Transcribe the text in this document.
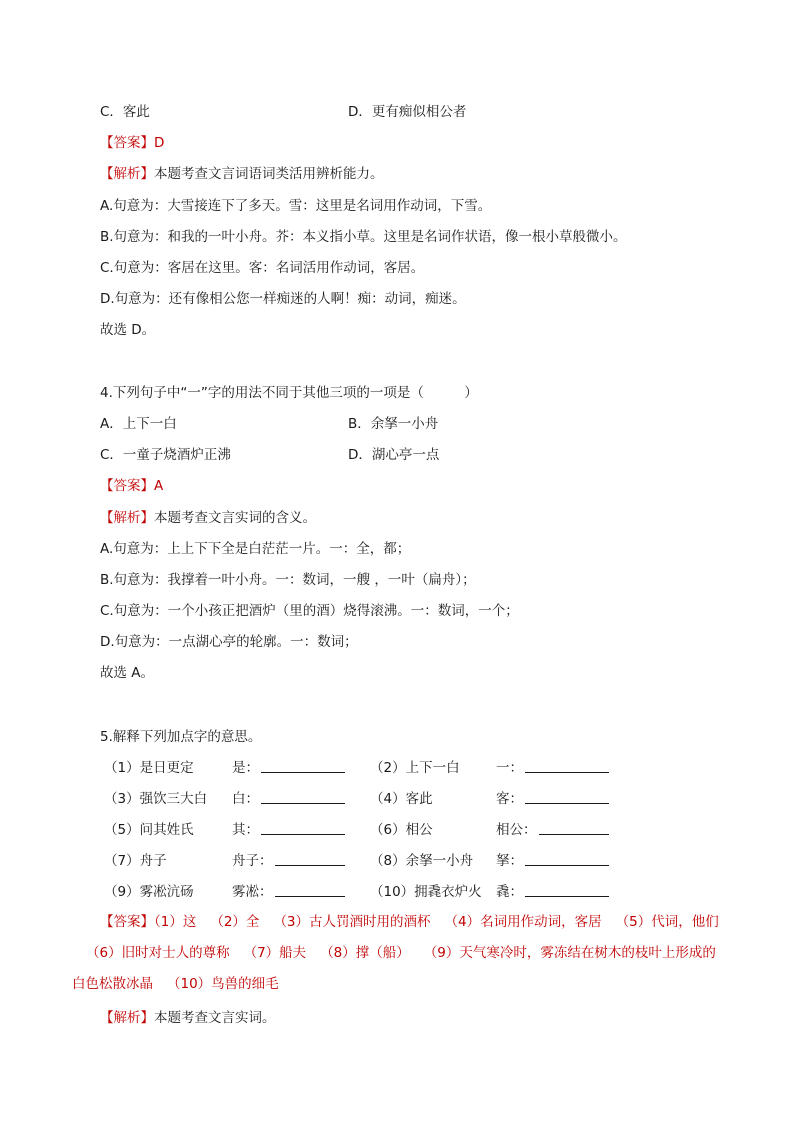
C．客此	D．更有痴似相公者
【答案】D
【解析】本题考查文言词语词类活用辨析能力。
A.句意为：大雪接连下了多天。雪：这里是名词用作动词，下雪。
B.句意为：和我的一叶小舟。芥：本义指小草。这里是名词作状语，像一根小草般微小。
C.句意为：客居在这里。客：名词活用作动词，客居。
D.句意为：还有像相公您一样痴迷的人啊！痴：动词，痴迷。
故选 D。
4.下列句子中“一”字的用法不同于其他三项的一项是（　　　）
A．上下一白	B．余拏一小舟
C．一童子烧酒炉正沸	D．湖心亭一点
【答案】A
【解析】本题考查文言实词的含义。
A.句意为：上上下下全是白茫茫一片。一：全，都；
B.句意为：我撑着一叶小舟。一：数词，一艘 ，一叶（扁舟）；
C.句意为：一个小孩正把酒炉（里的酒）烧得滚沸。一：数词，一个；
D.句意为：一点湖心亭的轮廓。一：数词；
故选 A。
5.解释下列加点字的意思。
（1）是日更定	是：	（2）上下一白	一：
（3）强饮三大白 白：	（4）客此	客：
（5）问其姓氏	其：	（6）相公	相公：
（7）舟子	舟子：	（8）余拏一小舟 拏：
（9）雾凇沆砀	雾凇：	（10）拥毳衣炉火 毳：
【答案】（1）这 （2）全 （3）古人罚酒时用的酒杯 （4）名词用作动词，客居 （5）代词，他们（6）旧时对士人的尊称 （7）船夫 （8）撑（船） （9）天气寒冷时，雾冻结在树木的枝叶上形成的白色松散冰晶 （10）鸟兽的细毛
【解析】本题考查文言实词。
